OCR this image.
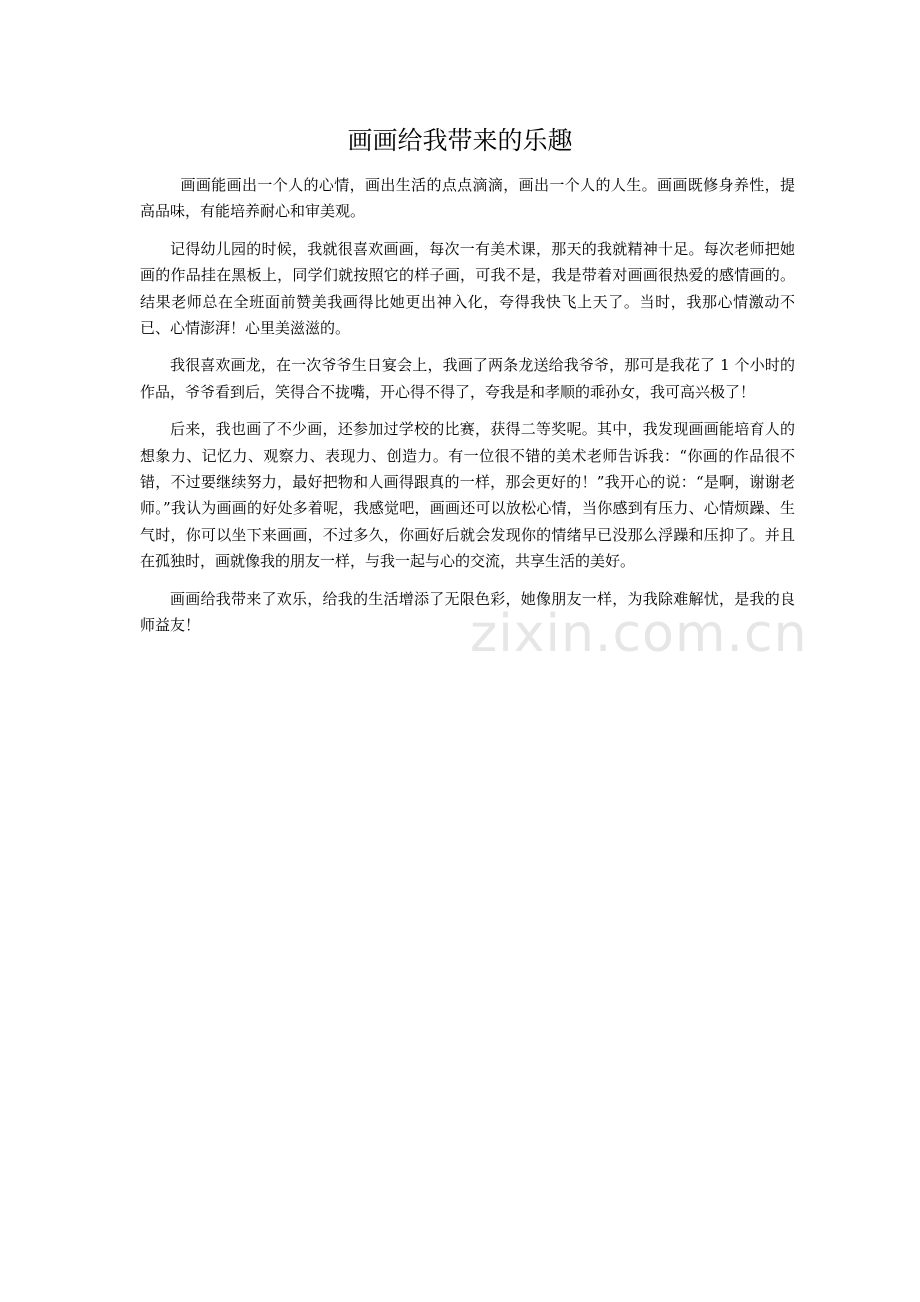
画画给我带来的乐趣

画画能画出一个人的心情，画出生活的点点滴滴，画出一个人的人生。画画既修身养性，提高品味，有能培养耐心和审美观。

记得幼儿园的时候，我就很喜欢画画，每次一有美术课，那天的我就精神十足。每次老师把她画的作品挂在黑板上，同学们就按照它的样子画，可我不是，我是带着对画画很热爱的感情画的。结果老师总在全班面前赞美我画得比她更出神入化，夸得我快飞上天了。当时，我那心情激动不已、心情澎湃！心里美滋滋的。

我很喜欢画龙，在一次爷爷生日宴会上，我画了两条龙送给我爷爷，那可是我花了 1 个小时的作品，爷爷看到后，笑得合不拢嘴，开心得不得了，夸我是和孝顺的乖孙女，我可高兴极了！

后来，我也画了不少画，还参加过学校的比赛，获得二等奖呢。其中，我发现画画能培育人的想象力、记忆力、观察力、表现力、创造力。有一位很不错的美术老师告诉我：“你画的作品很不错，不过要继续努力，最好把物和人画得跟真的一样，那会更好的！”我开心的说：“是啊，谢谢老师。”我认为画画的好处多着呢，我感觉吧，画画还可以放松心情，当你感到有压力、心情烦躁、生气时，你可以坐下来画画，不过多久，你画好后就会发现你的情绪早已没那么浮躁和压抑了。并且在孤独时，画就像我的朋友一样，与我一起与心的交流，共享生活的美好。

画画给我带来了欢乐，给我的生活增添了无限色彩，她像朋友一样，为我除难解忧，是我的良师益友！	zixin.com.cn
